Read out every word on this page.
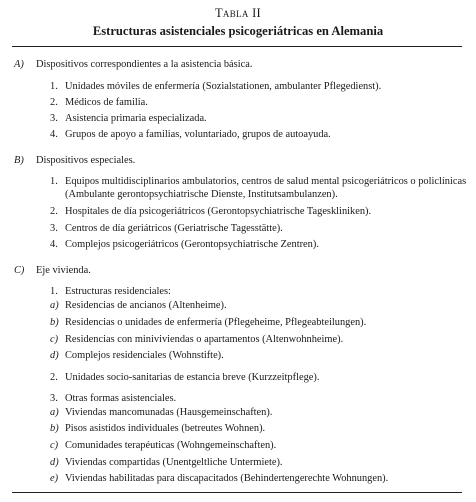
Tabla II
Estructuras asistenciales psicogeriátricas en Alemania
A) Dispositivos correspondientes a la asistencia básica.
1. Unidades móviles de enfermería (Sozialstationen, ambulanter Pflegedienst).
2. Médicos de familia.
3. Asistencia primaria especializada.
4. Grupos de apoyo a familias, voluntariado, grupos de autoayuda.
B) Dispositivos especiales.
1. Equipos multidisciplinarios ambulatorios, centros de salud mental psicogeriátricos o policlínicas
(Ambulante gerontopsychiatrische Dienste, Institutsambulanzen).
2. Hospitales de día psicogeriátricos (Gerontopsychiatrische Tageskliniken).
3. Centros de día geriátricos (Geriatrische Tagesstätte).
4. Complejos psicogeriátricos (Gerontopsychiatrische Zentren).
C) Eje vivienda.
1. Estructuras residenciales:
a) Residencias de ancianos (Altenheime).
b) Residencias o unidades de enfermería (Pflegeheime, Pflegeabteilungen).
c) Residencias con miniviviendas o apartamentos (Altenwohnheime).
d) Complejos residenciales (Wohnstifte).
2. Unidades socio-sanitarias de estancia breve (Kurzzeitpflege).
3. Otras formas asistenciales.
a) Viviendas mancomunadas (Hausgemeinschaften).
b) Pisos asistidos individuales (betreutes Wohnen).
c) Comunidades terapéuticas (Wohngemeinschaften).
d) Viviendas compartidas (Unentgeltliche Untermiete).
e) Viviendas habilitadas para discapacitados (Behindertengerechte Wohnungen).
